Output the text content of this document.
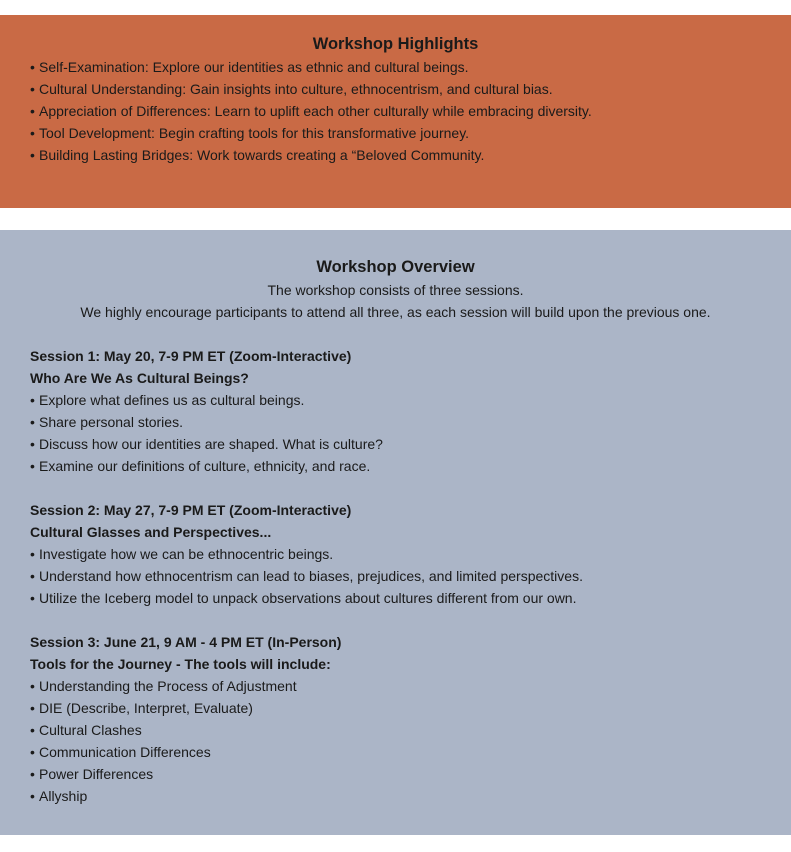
Workshop Highlights
• Self-Examination: Explore our identities as ethnic and cultural beings.
• Cultural Understanding: Gain insights into culture, ethnocentrism, and cultural bias.
• Appreciation of Differences: Learn to uplift each other culturally while embracing diversity.
• Tool Development: Begin crafting tools for this transformative journey.
• Building Lasting Bridges: Work towards creating a “Beloved Community.
Workshop Overview
The workshop consists of three sessions.
We highly encourage participants to attend all three, as each session will build upon the previous one.
Session 1: May 20, 7-9 PM ET (Zoom-Interactive)
Who Are We As Cultural Beings?
• Explore what defines us as cultural beings.
• Share personal stories.
• Discuss how our identities are shaped. What is culture?
• Examine our definitions of culture, ethnicity, and race.
Session 2: May 27, 7-9 PM ET (Zoom-Interactive)
Cultural Glasses and Perspectives...
• Investigate how we can be ethnocentric beings.
• Understand how ethnocentrism can lead to biases, prejudices, and limited perspectives.
• Utilize the Iceberg model to unpack observations about cultures different from our own.
Session 3: June 21, 9 AM - 4 PM ET (In-Person)
Tools for the Journey - The tools will include:
• Understanding the Process of Adjustment
• DIE (Describe, Interpret, Evaluate)
• Cultural Clashes
• Communication Differences
• Power Differences
• Allyship
